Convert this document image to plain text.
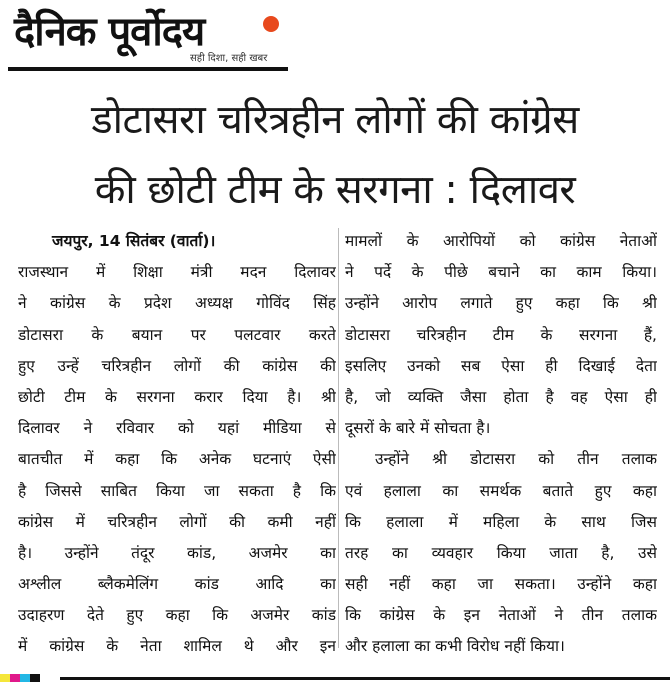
दैनिक पूर्वोदय
सही दिशा, सही खबर
डोटासरा चरित्रहीन लोगों की कांग्रेस
की छोटी टीम के सरगना : दिलावर
जयपुर, 14 सितंबर (वार्ता)।
राजस्थान में शिक्षा मंत्री मदन दिलावर
ने कांग्रेस के प्रदेश अध्यक्ष गोविंद सिंह
डोटासरा के बयान पर पलटवार करते
हुए उन्हें चरित्रहीन लोगों की कांग्रेस की
छोटी टीम के सरगना करार दिया है। श्री
दिलावर ने रविवार को यहां मीडिया से
बातचीत में कहा कि अनेक घटनाएं ऐसी
है जिससे साबित किया जा सकता है कि
कांग्रेस में चरित्रहीन लोगों की कमी नहीं
है। उन्होंने तंदूर कांड, अजमेर का
अश्लील ब्लैकमेलिंग कांड आदि का
उदाहरण देते हुए कहा कि अजमेर कांड
में कांग्रेस के नेता शामिल थे और इन
मामलों के आरोपियों को कांग्रेस नेताओं
ने पर्दे के पीछे बचाने का काम किया।
उन्होंने आरोप लगाते हुए कहा कि श्री
डोटासरा चरित्रहीन टीम के सरगना हैं,
इसलिए उनको सब ऐसा ही दिखाई देता
है, जो व्यक्ति जैसा होता है वह ऐसा ही
दूसरों के बारे में सोचता है।
उन्होंने श्री डोटासरा को तीन तलाक
एवं हलाला का समर्थक बताते हुए कहा
कि हलाला में महिला के साथ जिस
तरह का व्यवहार किया जाता है, उसे
सही नहीं कहा जा सकता। उन्होंने कहा
कि कांग्रेस के इन नेताओं ने तीन तलाक
और हलाला का कभी विरोध नहीं किया।
